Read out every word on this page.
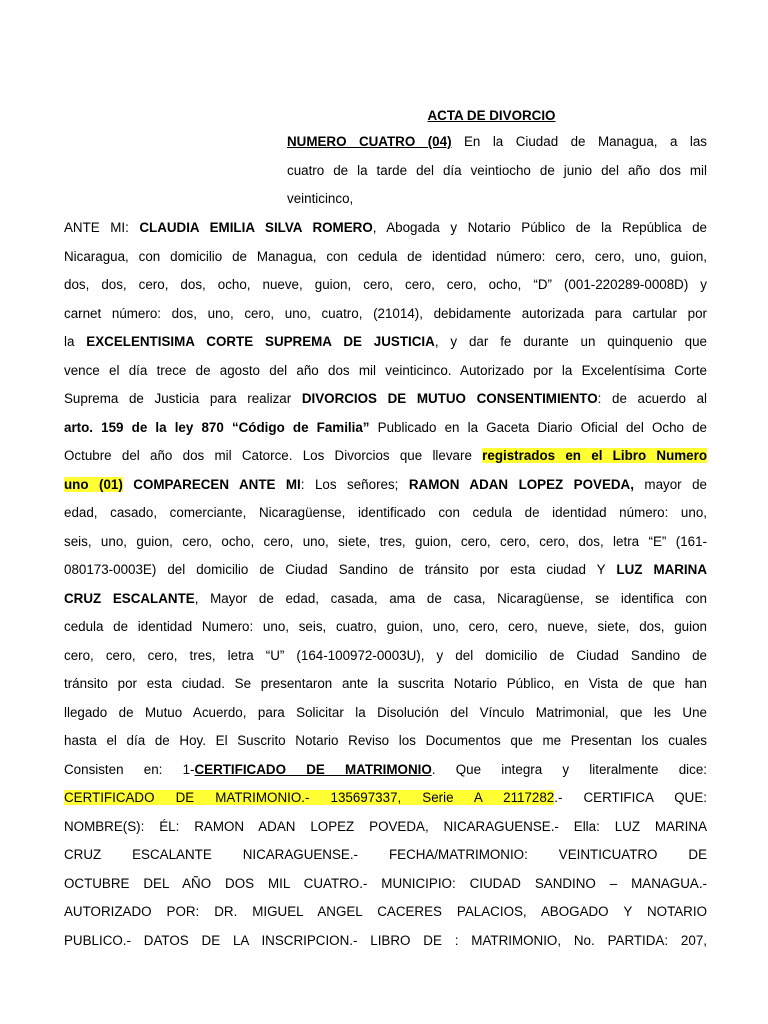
ACTA DE DIVORCIO
NUMERO CUATRO (04) En la Ciudad de Managua, a las
cuatro de la tarde del día veintiocho de junio del año dos mil
veinticinco,
ANTE MI: CLAUDIA EMILIA SILVA ROMERO, Abogada y Notario Público de la República de
Nicaragua, con domicilio de Managua, con cedula de identidad número: cero, cero, uno, guion,
dos, dos, cero, dos, ocho, nueve, guion, cero, cero, cero, ocho, “D” (001-220289-0008D) y
carnet número: dos, uno, cero, uno, cuatro, (21014), debidamente autorizada para cartular por
la EXCELENTISIMA CORTE SUPREMA DE JUSTICIA, y dar fe durante un quinquenio que
vence el día trece de agosto del año dos mil veinticinco. Autorizado por la Excelentísima Corte
Suprema de Justicia para realizar DIVORCIOS DE MUTUO CONSENTIMIENTO: de acuerdo al
arto. 159 de la ley 870 “Código de Familia” Publicado en la Gaceta Diario Oficial del Ocho de
Octubre del año dos mil Catorce. Los Divorcios que llevare registrados en el Libro Numero
uno (01) COMPARECEN ANTE MI: Los señores; RAMON ADAN LOPEZ POVEDA, mayor de
edad, casado, comerciante, Nicaragüense, identificado con cedula de identidad número: uno,
seis, uno, guion, cero, ocho, cero, uno, siete, tres, guion, cero, cero, cero, dos, letra “E” (161-
080173-0003E) del domicilio de Ciudad Sandino de tránsito por esta ciudad Y LUZ MARINA
CRUZ ESCALANTE, Mayor de edad, casada, ama de casa, Nicaragüense, se identifica con
cedula de identidad Numero: uno, seis, cuatro, guion, uno, cero, cero, nueve, siete, dos, guion
cero, cero, cero, tres, letra “U” (164-100972-0003U), y del domicilio de Ciudad Sandino de
tránsito por esta ciudad. Se presentaron ante la suscrita Notario Público, en Vista de que han
llegado de Mutuo Acuerdo, para Solicitar la Disolución del Vínculo Matrimonial, que les Une
hasta el día de Hoy. El Suscrito Notario Reviso los Documentos que me Presentan los cuales
Consisten en: 1-CERTIFICADO DE MATRIMONIO. Que integra y literalmente dice:
CERTIFICADO DE MATRIMONIO.- 135697337, Serie A 2117282.- CERTIFICA QUE:
NOMBRE(S): ÉL: RAMON ADAN LOPEZ POVEDA, NICARAGUENSE.- Ella: LUZ MARINA
CRUZ ESCALANTE NICARAGUENSE.- FECHA/MATRIMONIO: VEINTICUATRO DE
OCTUBRE DEL AÑO DOS MIL CUATRO.- MUNICIPIO: CIUDAD SANDINO – MANAGUA.-
AUTORIZADO POR: DR. MIGUEL ANGEL CACERES PALACIOS, ABOGADO Y NOTARIO
PUBLICO.- DATOS DE LA INSCRIPCION.- LIBRO DE : MATRIMONIO, No. PARTIDA: 207,
